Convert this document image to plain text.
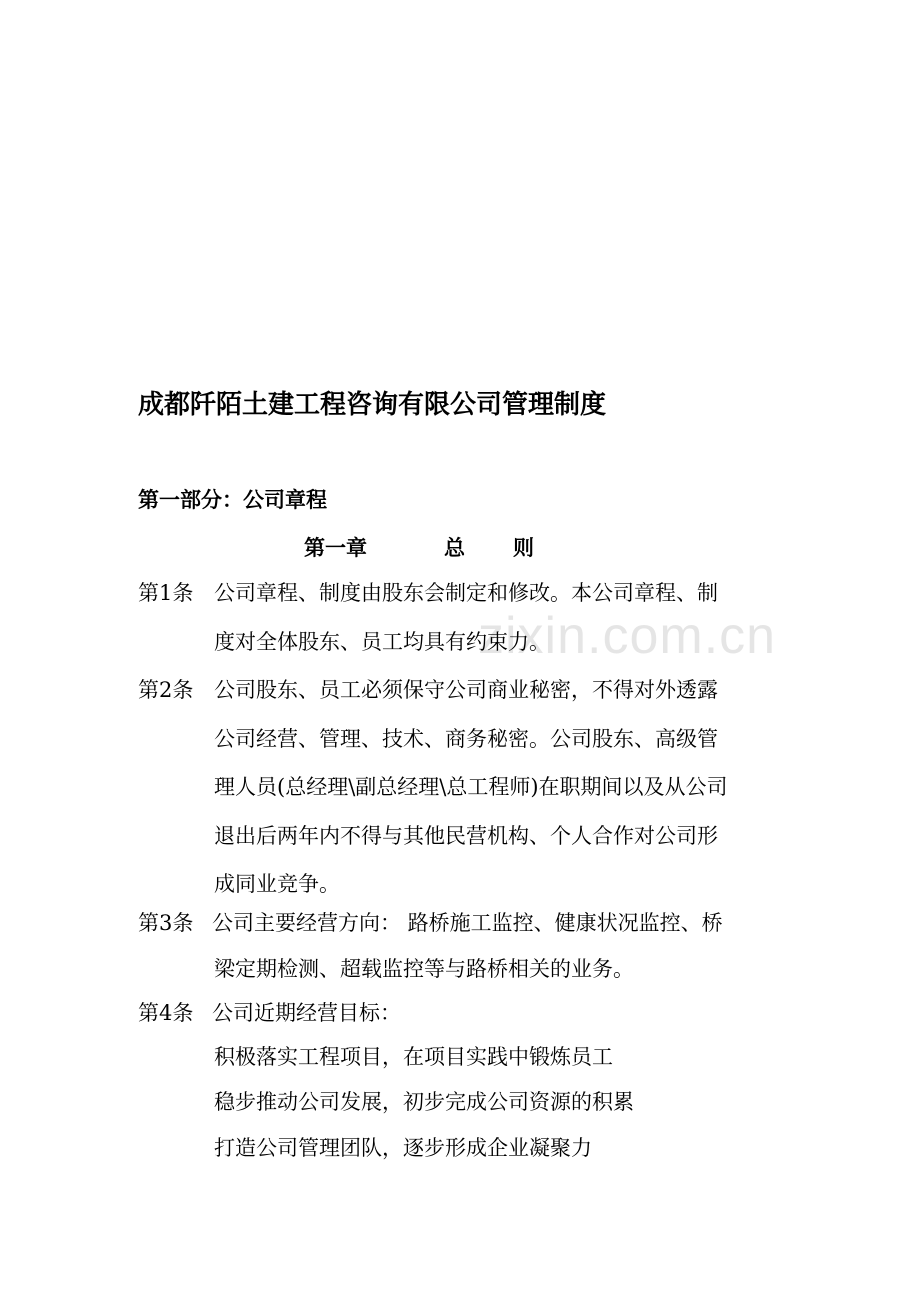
zixin.com.cn
成都阡陌土建工程咨询有限公司管理制度
第一部分：公司章程
第一章	总 则
第1条 公司章程、制度由股东会制定和修改。本公司章程、制
度对全体股东、员工均具有约束力。
第2条 公司股东、员工必须保守公司商业秘密，不得对外透露
公司经营、管理、技术、商务秘密。公司股东、高级管
理人员(总经理\副总经理\总工程师)在职期间以及从公司
退出后两年内不得与其他民营机构、个人合作对公司形
成同业竞争。
第3条 公司主要经营方向： 路桥施工监控、健康状况监控、桥
梁定期检测、超载监控等与路桥相关的业务。
第4条 公司近期经营目标：
积极落实工程项目，在项目实践中锻炼员工
稳步推动公司发展，初步完成公司资源的积累
打造公司管理团队，逐步形成企业凝聚力
